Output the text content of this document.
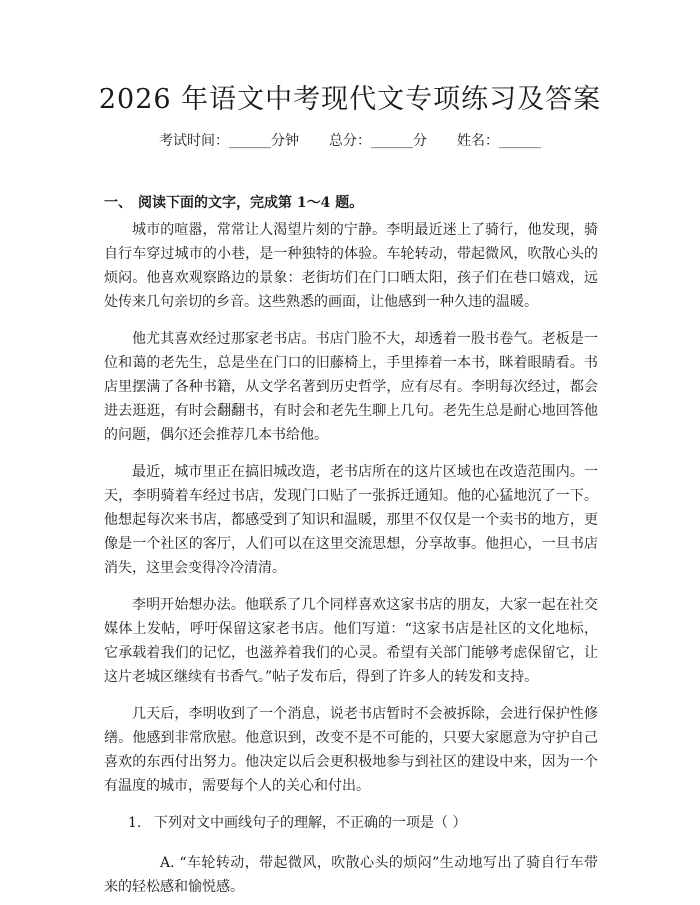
2026 年语文中考现代文专项练习及答案
考试时间：______分钟 总分：______分 姓名：______
一、 阅读下面的文字，完成第 1～4 题。

城市的喧嚣，常常让人渴望片刻的宁静。李明最近迷上了骑行，他发现，骑自行车穿过城市的小巷，是一种独特的体验。车轮转动，带起微风，吹散心头的烦闷。他喜欢观察路边的景象：老街坊们在门口晒太阳，孩子们在巷口嬉戏，远处传来几句亲切的乡音。这些熟悉的画面，让他感到一种久违的温暖。

他尤其喜欢经过那家老书店。书店门脸不大，却透着一股书卷气。老板是一位和蔼的老先生，总是坐在门口的旧藤椅上，手里捧着一本书，眯着眼睛看。书店里摆满了各种书籍，从文学名著到历史哲学，应有尽有。李明每次经过，都会进去逛逛，有时会翻翻书，有时会和老先生聊上几句。老先生总是耐心地回答他的问题，偶尔还会推荐几本书给他。

最近，城市里正在搞旧城改造，老书店所在的这片区域也在改造范围内。一天，李明骑着车经过书店，发现门口贴了一张拆迁通知。他的心猛地沉了一下。他想起每次来书店，都感受到了知识和温暖，那里不仅仅是一个卖书的地方，更像是一个社区的客厅，人们可以在这里交流思想，分享故事。他担心，一旦书店消失，这里会变得冷冷清清。

李明开始想办法。他联系了几个同样喜欢这家书店的朋友，大家一起在社交媒体上发帖，呼吁保留这家老书店。他们写道：“这家书店是社区的文化地标，它承载着我们的记忆，也滋养着我们的心灵。希望有关部门能够考虑保留它，让这片老城区继续有书香气。”帖子发布后，得到了许多人的转发和支持。

几天后，李明收到了一个消息，说老书店暂时不会被拆除，会进行保护性修缮。他感到非常欣慰。他意识到，改变不是不可能的，只要大家愿意为守护自己喜欢的东西付出努力。他决定以后会更积极地参与到社区的建设中来，因为一个有温度的城市，需要每个人的关心和付出。

1. 下列对文中画线句子的理解，不正确的一项是（ ）

A. “车轮转动，带起微风，吹散心头的烦闷”生动地写出了骑自行车带来的轻松感和愉悦感。
